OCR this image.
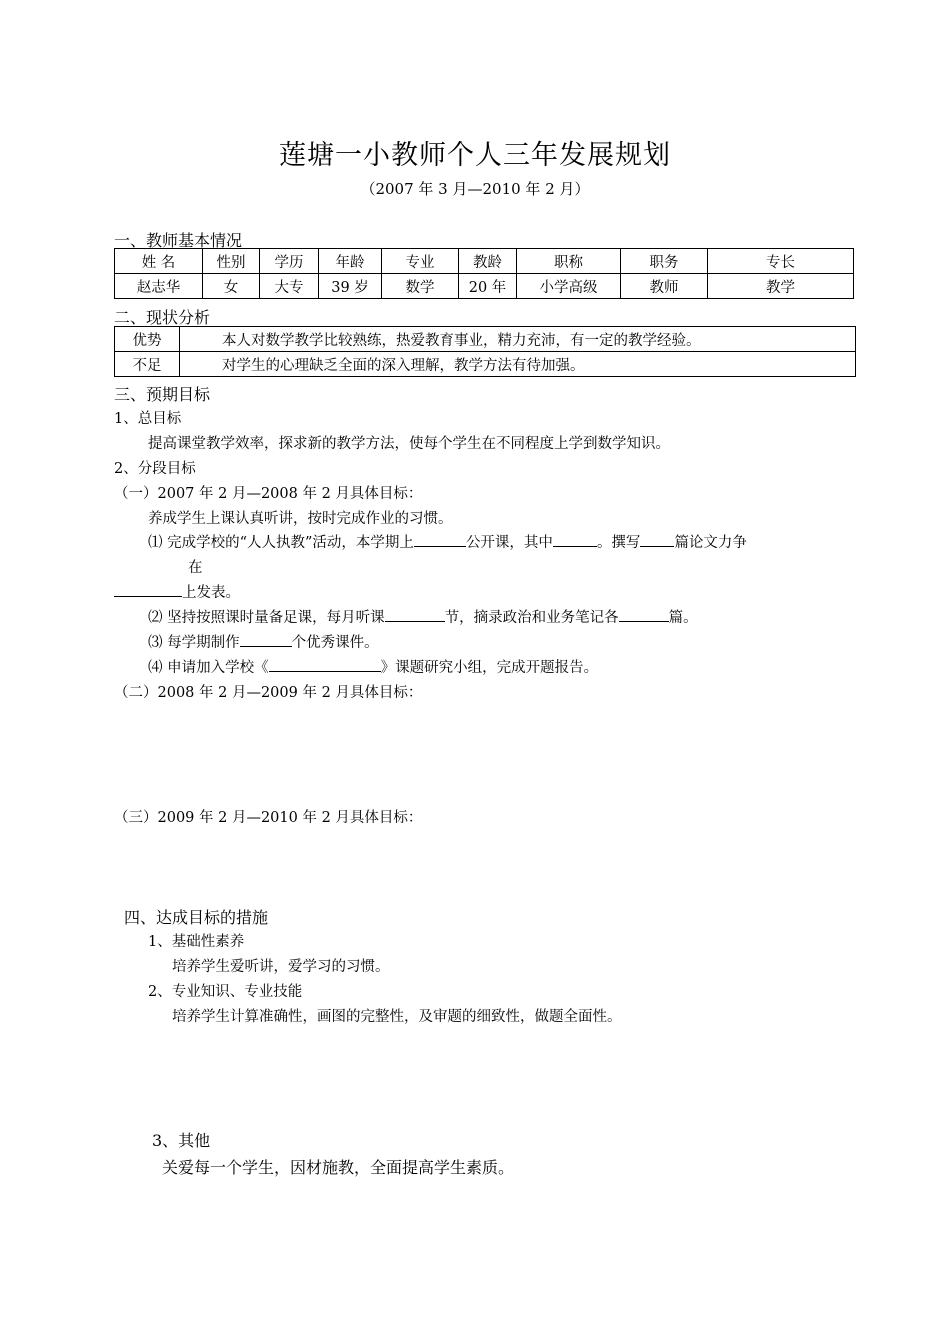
莲塘一小教师个人三年发展规划
（2007 年 3 月—2010 年 2 月）
一、教师基本情况
姓 名	性别	学历	年龄	专业	教龄	职称	职务	专长
赵志华	女	大专	39 岁	数学	20 年	小学高级	教师	教学
二、现状分析
优势	本人对数学教学比较熟练，热爱教育事业，精力充沛，有一定的教学经验。
不足	对学生的心理缺乏全面的深入理解，教学方法有待加强。
三、预期目标
1、总目标
提高课堂教学效率，探求新的教学方法，使每个学生在不同程度上学到数学知识。
2、分段目标
（一）2007 年 2 月—2008 年 2 月具体目标：
养成学生上课认真听讲，按时完成作业的习惯。
⑴ 完成学校的“人人执教”活动，本学期上	公开课，其中	。撰写 篇论文力争
在
上发表。
⑵ 坚持按照课时量备足课，每月听课	节，摘录政治和业务笔记各	篇。
⑶ 每学期制作	个优秀课件。
⑷ 申请加入学校《	》课题研究小组，完成开题报告。
（二）2008 年 2 月—2009 年 2 月具体目标：
（三）2009 年 2 月—2010 年 2 月具体目标：
四、达成目标的措施
1、基础性素养
培养学生爱听讲，爱学习的习惯。
2、专业知识、专业技能
培养学生计算准确性，画图的完整性，及审题的细致性，做题全面性。
3、其他
关爱每一个学生，因材施教，全面提高学生素质。
